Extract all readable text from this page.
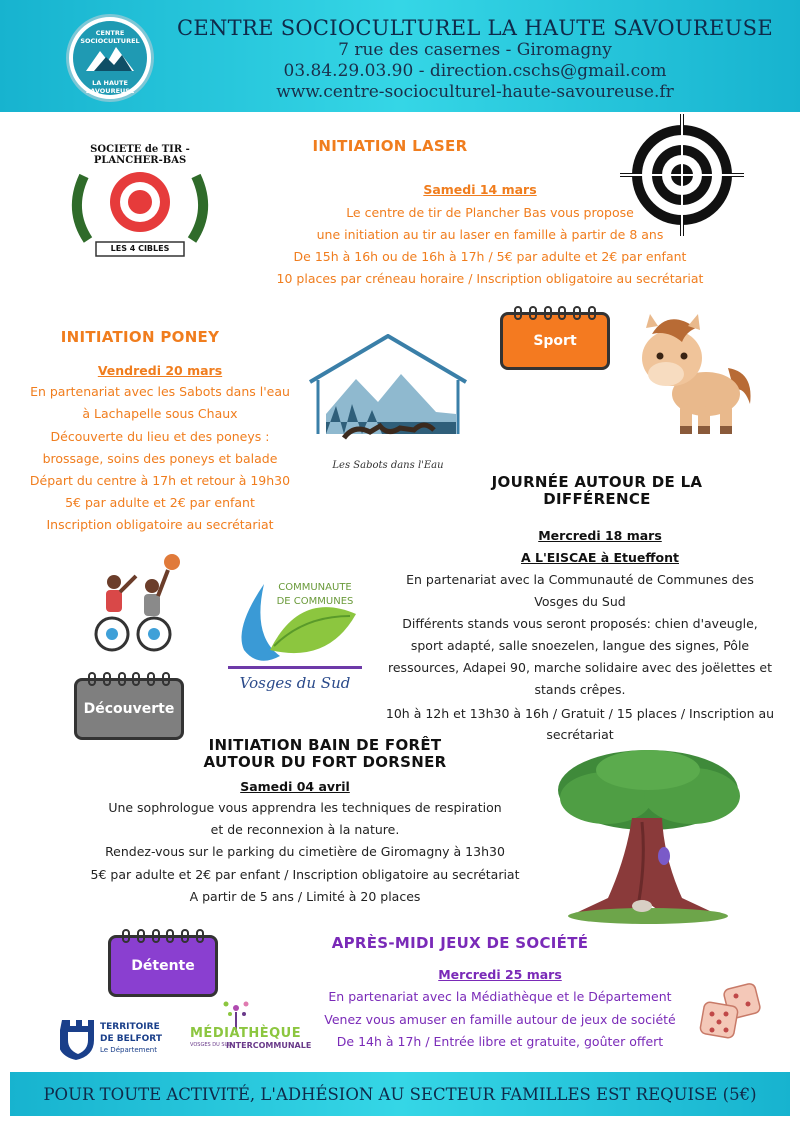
CENTRE SOCIOCULTUREL
LA HAUTE SAVOUREUSE
CENTRE SOCIOCULTUREL LA HAUTE SAVOUREUSE
7 rue des casernes - Giromagny
03.84.29.03.90 - direction.cschs@gmail.com
www.centre-socioculturel-haute-savoureuse.fr
SOCIETE de TIR - PLANCHER-BAS
LES 4 CIBLES
INITIATION LASER
Samedi 14 mars
Le centre de tir de Plancher Bas vous propose
une initiation au tir au laser en famille à partir de 8 ans
De 15h à 16h ou de 16h à 17h / 5€ par adulte et 2€ par enfant
10 places par créneau horaire / Inscription obligatoire au secrétariat
INITIATION PONEY
Vendredi 20 mars
En partenariat avec les Sabots dans l'eau
à Lachapelle sous Chaux
Découverte du lieu et des poneys :
brossage, soins des poneys et balade
Départ du centre à 17h et retour à 19h30
5€ par adulte et 2€ par enfant
Inscription obligatoire au secrétariat
Les Sabots dans l'Eau
Sport
JOURNÉE AUTOUR DE LA
DIFFÉRENCE
Mercredi 18 mars
A L'EISCAE à Etueffont
En partenariat avec la Communauté de Communes des
Vosges du Sud
Différents stands vous seront proposés: chien d'aveugle,
sport adapté, salle snoezelen, langue des signes, Pôle
ressources, Adapei 90, marche solidaire avec des joëlettes et
stands crêpes.
10h à 12h et 13h30 à 16h / Gratuit / 15 places / Inscription au
secrétariat
COMMUNAUTE
DE COMMUNES
Vosges du Sud
Découverte
INITIATION BAIN DE FORÊT
AUTOUR DU FORT DORSNER
Samedi 04 avril
Une sophrologue vous apprendra les techniques de respiration
et de reconnexion à la nature.
Rendez-vous sur le parking du cimetière de Giromagny à 13h30
5€ par adulte et 2€ par enfant / Inscription obligatoire au secrétariat
A partir de 5 ans / Limité à 20 places
Détente
APRÈS-MIDI JEUX DE SOCIÉTÉ
Mercredi 25 mars
En partenariat avec la Médiathèque et le Département
Venez vous amuser en famille autour de jeux de société
De 14h à 17h / Entrée libre et gratuite, goûter offert
TERRITOIRE
DE BELFORT
Le Département
MÉDIATHÈQUE
VOSGES DU SUD
INTERCOMMUNALE
POUR TOUTE ACTIVITÉ, L'ADHÉSION AU SECTEUR FAMILLES EST REQUISE (5€)
